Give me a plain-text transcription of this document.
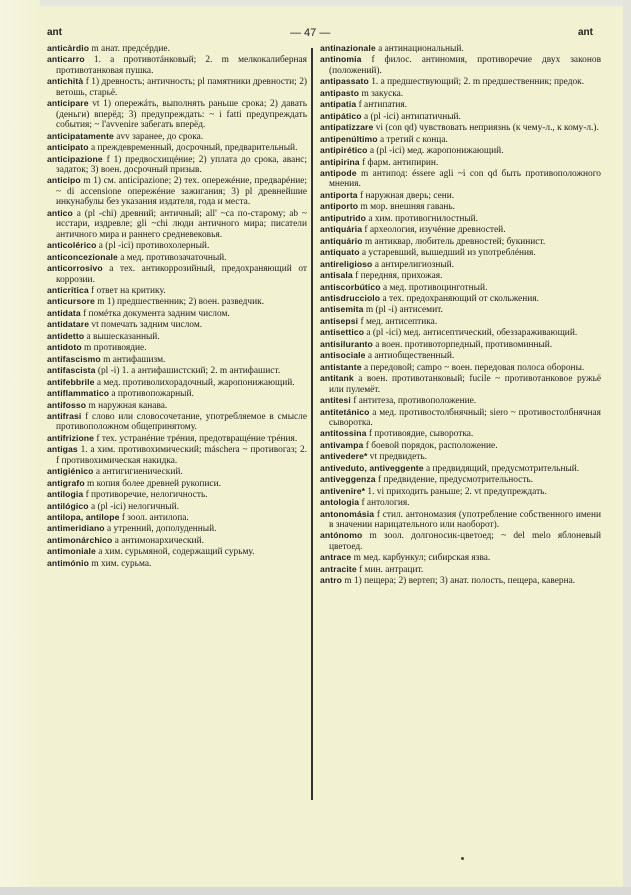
ant	— 47 —	ant
anticàrdio m анат. предсéрдие.
anticarro 1. a противотáнковый; 2. m мелкокалиберная противотанковая пушка.
antichità f 1) древность; античность; pl памятники древности; 2) ветошь, старьё.
anticipare vt 1) опережáть, выполнять раньше срока; 2) давать (деньги) вперёд; 3) предупреждать: ~ i fatti предупреждать события; ~ l'avvenire забегать вперёд.
anticipatamente avv заранее, до срока.
anticipato a преждевременный, досрочный, предварительный.
anticipazione f 1) предвосхищéние; 2) уплата до срока, аванс; задаток; 3) воен. досрочный призыв.
anticipo m 1) см. anticipazione; 2) тех. опережéние, предварéние; ~ di accensione опережéние зажигания; 3) pl древнейшие инкунабулы без указания издателя, года и места.
antico a (pl -chi) древний; античный; all' ~ca по-старому; ab ~ исстари, издревле; gli ~chi люди античного мира; писатели античного мира и раннего средневековья.
anticolérico a (pl -ici) противохолерный.
anticoncezionale a мед. противозачаточный.
anticorrosivo a тех. антикоррозийный, предохраняющий от коррозии.
anticritica f ответ на критику.
anticursore m 1) предшественник; 2) воен. разведчик.
antidata f помéтка документа задним числом.
antidatare vt помечать задним числом.
antidetto a вышесказанный.
antidoto m противоядие.
antifascismo m антифашизм.
antifascista (pl -i) 1. a антифашистский; 2. m антифашист.
antifebbrile a мед. противолихорадочный, жаропонижающий.
antiflammatico a противопожарный.
antifosso m наружная канава.
antifrasi f слово или словосочетание, употребляемое в смысле противоположном общепринятому.
antifrizione f тех. устранéние трéния, предотвращéние трéния.
antigas 1. a хим. противохимический; máschera ~ противогаз; 2. f противохимическая накидка.
antigiénico a антигигиенический.
antigrafo m копия более древней рукописи.
antilogia f противоречие, нелогичность.
antilógico a (pl -ici) нелогичный.
antilopa, antilope f зоол. антилопа.
antimeridiano a утренний, дополуденный.
antimonárchico a антимонархический.
antimoniale a хим. сурьмяной, содержащий сурьму.
antimónio m хим. сурьма.
antinazionale a антинациональный.
antinomia f филос. антиномия, противоречие двух законов (положений).
antipassato 1. a предшествующий; 2. m предшественник; предок.
antipasto m закуска.
antipatia f антипатия.
antipático a (pl -ici) антипатичный.
antipatizzare vi (con qd) чувствовать неприязнь (к чему-л., к кому-л.).
antipenúltimo a третий с конца.
antipirético a (pl -ici) мед. жаропонижающий.
antipirina f фарм. антипирин.
antipode m антипод: éssere agli ~i con qd быть противоположного мнения.
antiporta f наружная дверь; сени.
antiporto m мор. внешняя гавань.
antiputrido a хим. противогнилостный.
antiquária f археология, изучéние древностей.
antiquário m антиквар, любитель древностей; букинист.
antiquato a устаревший, вышедший из употреблéния.
antireligioso a антирелигиозный.
antisala f передняя, прихожая.
antiscorbútico a мед. противоцинготный.
antisdrucciolo a тех. предохраняющий от скольжения.
antisemita m (pl -i) антисемит.
antisepsi f мед. антисептика.
antisettico a (pl -ici) мед. антисептический, обеззараживающий.
antisiluranto a воен. противоторпедный, противоминный.
antisociale a антиобщественный.
antistante a передовой; campo ~ воен. передовая полоса обороны.
antitank a воен. противотанковый; fucile ~ противотанковое ружьё или пулемёт.
antitesi f антитеза, противоположение.
antitetánico a мед. противостолбнячный; siero ~ противостолбнячная сыворотка.
antitossina f противоядие, сыворотка.
antivampa f боевой порядок, расположение.
antivedere* vt предвидеть.
antiveduto, antiveggente a предвидящий, предусмотрительный.
antiveggenza f предвидение, предусмотрительность.
antivenire* 1. vi приходить раньше; 2. vt предупреждать.
antologia f антология.
antonomásia f стил. антономазия (употребление собственного имени в значении нарицательного или наоборот).
antónomo m зоол. долгоносик-цветоед; ~ del melo яблоневый цветоед.
antrace m мед. карбункул; сибирская язва.
antracite f мин. антрацит.
antro m 1) пещера; 2) вертеп; 3) анат. полость, пещера, каверна.
